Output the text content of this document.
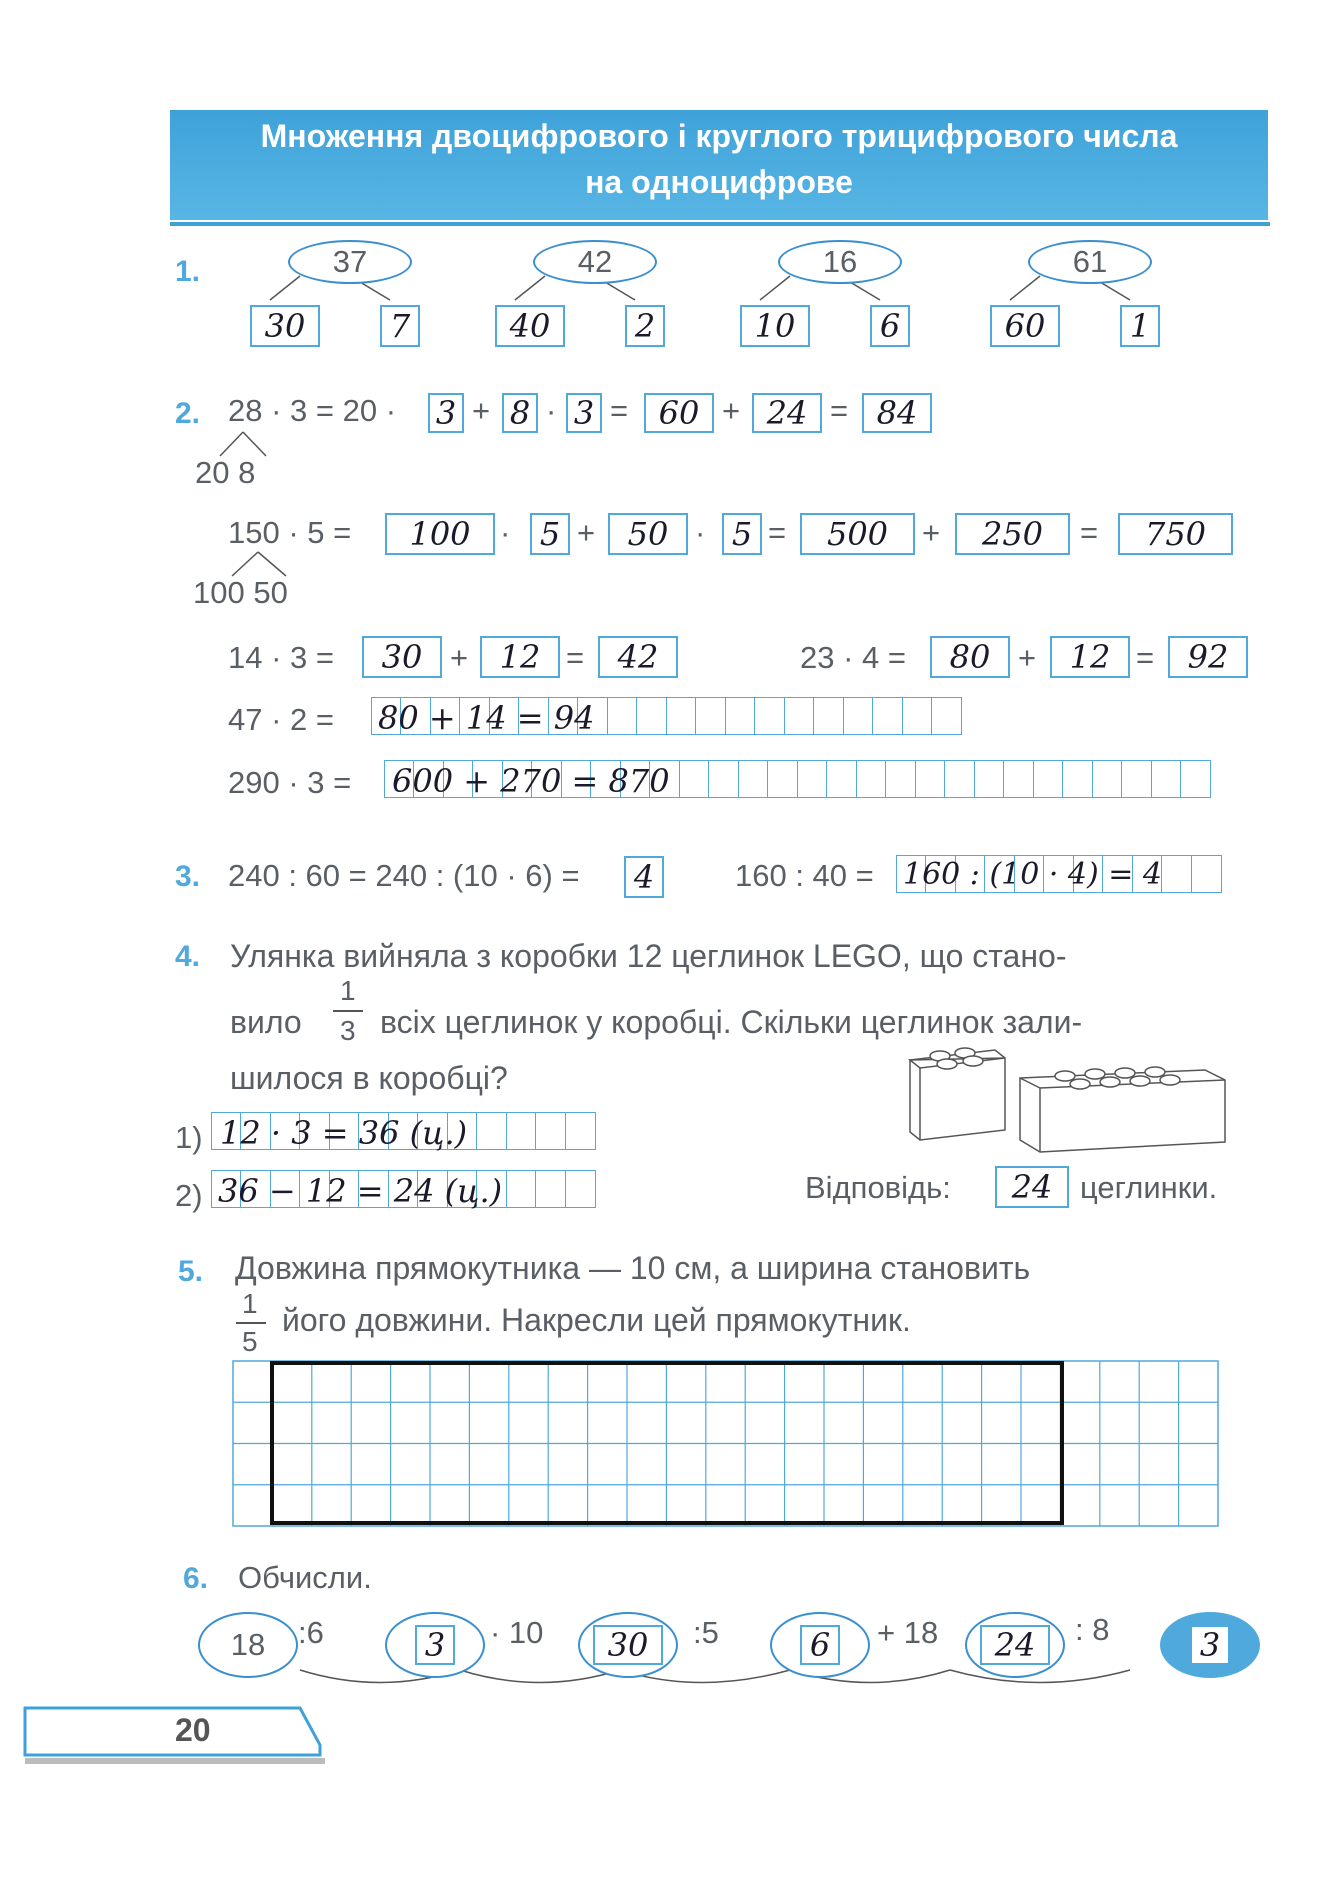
Множення двоцифрового і круглого трицифрового числа
на одноцифрове
1.	37	42	16	61
30	7	40	2	10	6	60	1
2. 28 · 3 = 20 · 3 + 8 · 3 = 60 + 24 = 84
20 8
150 · 5 =	100 · 5 +	50 · 5 =	500	+	250	=	750
100 50
14 · 3 =	30 + 12 =	42	23 · 4 =	80 +	12 =	92
47 · 2 = 80 + 14 = 94
290 · 3 = 600 + 270 = 870
3. 240 : 60 = 240 : (10 · 6) =	4	160 : 40 = 160 : (10 · 4) = 4
4. Улянка вийняла з коробки 12 цеглинок LEGO, що стано-
вило
1
3 всіх цеглинок у коробці. Скільки цеглинок зали-
шилося в коробці?
1) 12 · 3 = 36 (ц.)
2) 36 − 12 = 24 (ц.)	Відповідь:	24 цеглинки.
5. Довжина прямокутника — 10 см, а ширина становить
1
5
його довжини. Накресли цей прямокутник.
6. Обчисли.
18	:6	3	· 10	30	:5	6	+ 18	24	: 8	3
20
